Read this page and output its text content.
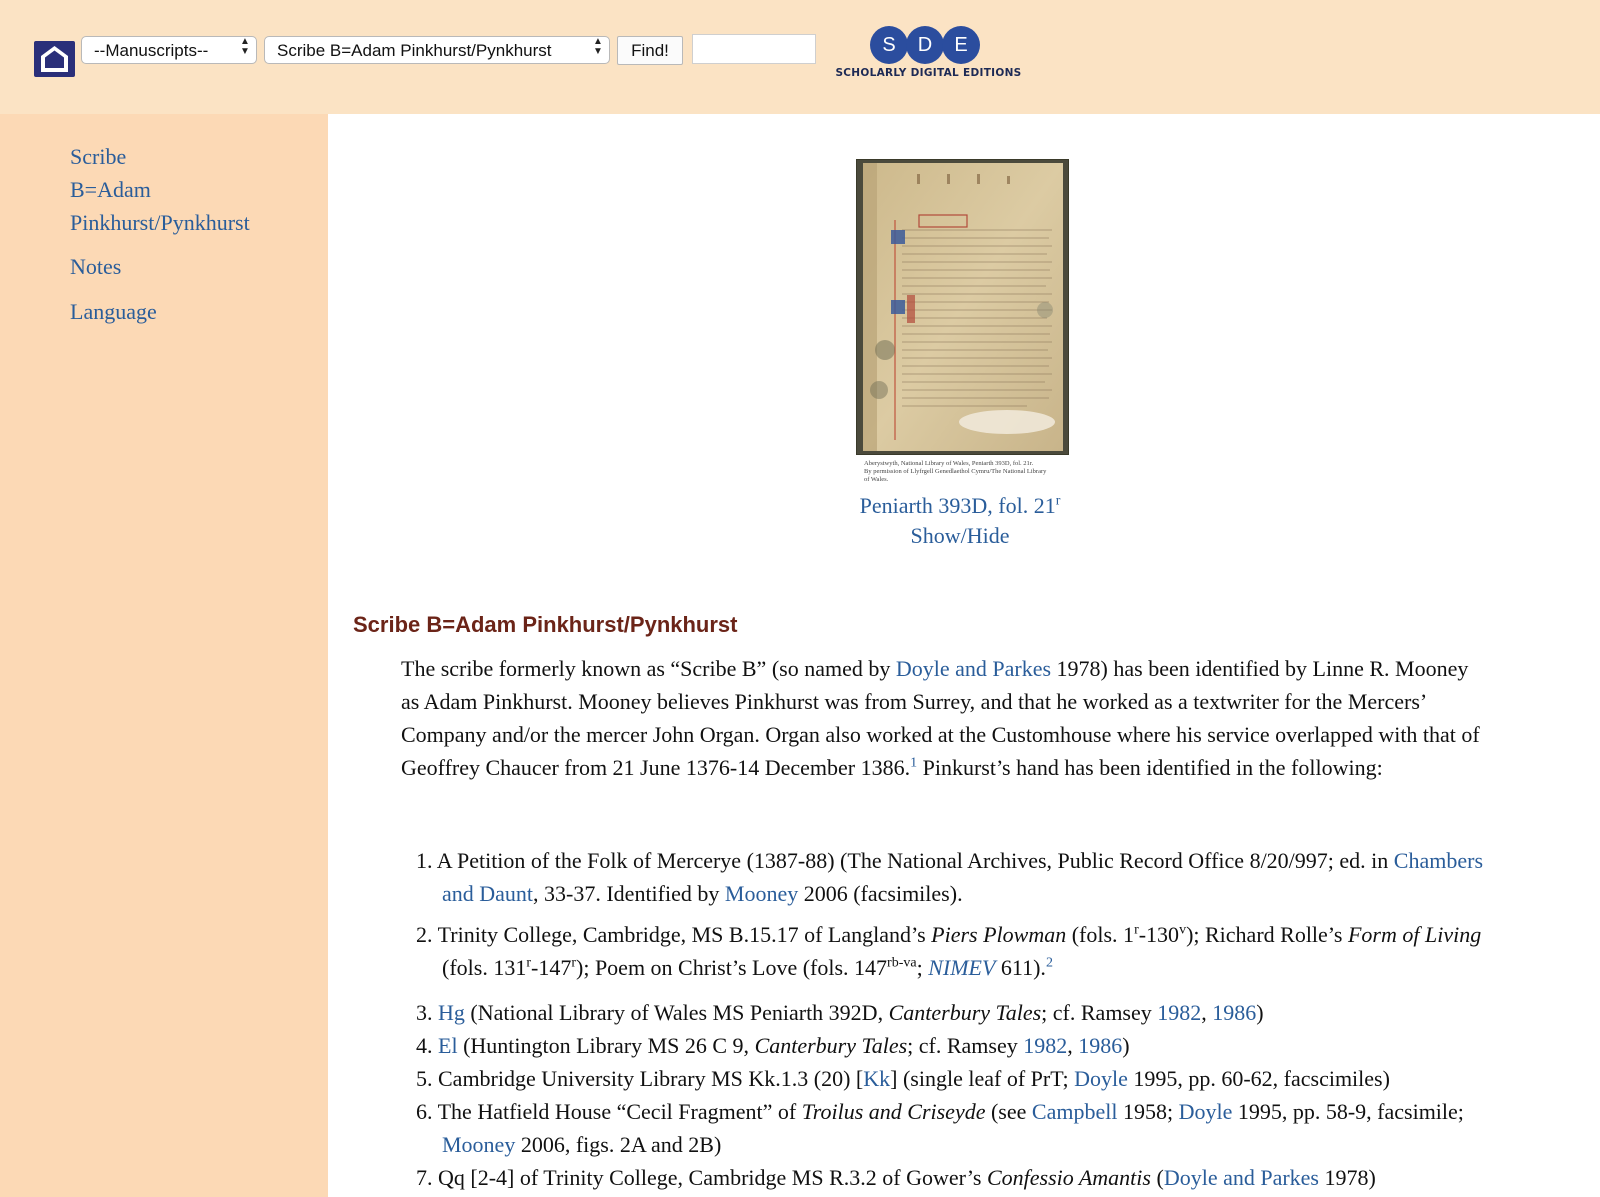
--Manuscripts--	▲
▼	Scribe B=Adam Pinkhurst/Pynkhurst	▲
▼	Find!	S	D	E
SCHOLARLY DIGITAL EDITIONS
Scribe
B=Adam
Pinkhurst/Pynkhurst
Notes
Language
Aberystwyth, National Library of Wales, Peniarth 393D, fol. 21r.
By permission of Llyfrgell Genedlaethol Cymru/The National Library
of Wales.
Peniarth 393D, fol. 21$^r$
Show/Hide
Scribe B=Adam Pinkhurst/Pynkhurst
The scribe formerly known as “Scribe B” (so named by Doyle and Parkes 1978) has been identified by Linne R. Mooney as Adam Pinkhurst. Mooney believes Pinkhurst was from Surrey, and that he worked as a textwriter for the Mercers’ Company and/or the mercer John Organ. Organ also worked at the Customhouse where his service overlapped with that of Geoffrey Chaucer from 21 June 1376-14 December 1386.$^1$ Pinkurst’s hand has been identified in the following:
1. A Petition of the Folk of Mercerye (1387-88) (The National Archives, Public Record Office 8/20/997; ed. in Chambers and Daunt, 33-37. Identified by Mooney 2006 (facsimiles).
2. Trinity College, Cambridge, MS B.15.17 of Langland’s Piers Plowman (fols. 1$^r$-130$^v$); Richard Rolle’s Form of Living (fols. 131$^r$-147$^r$); Poem on Christ’s Love (fols. $147^{rb-va}$; NIMEV 611).$^2$
3. Hg (National Library of Wales MS Peniarth 392D, Canterbury Tales; cf. Ramsey 1982, 1986)
4. El (Huntington Library MS 26 C 9, Canterbury Tales; cf. Ramsey 1982, 1986)
5. Cambridge University Library MS Kk.1.3 (20) [Kk] (single leaf of PrT; Doyle 1995, pp. 60-62, facscimiles)
6. The Hatfield House “Cecil Fragment” of Troilus and Criseyde (see Campbell 1958; Doyle 1995, pp. 58-9, facsimile; Mooney 2006, figs. 2A and 2B)
7. Qq [2-4] of Trinity College, Cambridge MS R.3.2 of Gower’s Confessio Amantis (Doyle and Parkes 1978)
